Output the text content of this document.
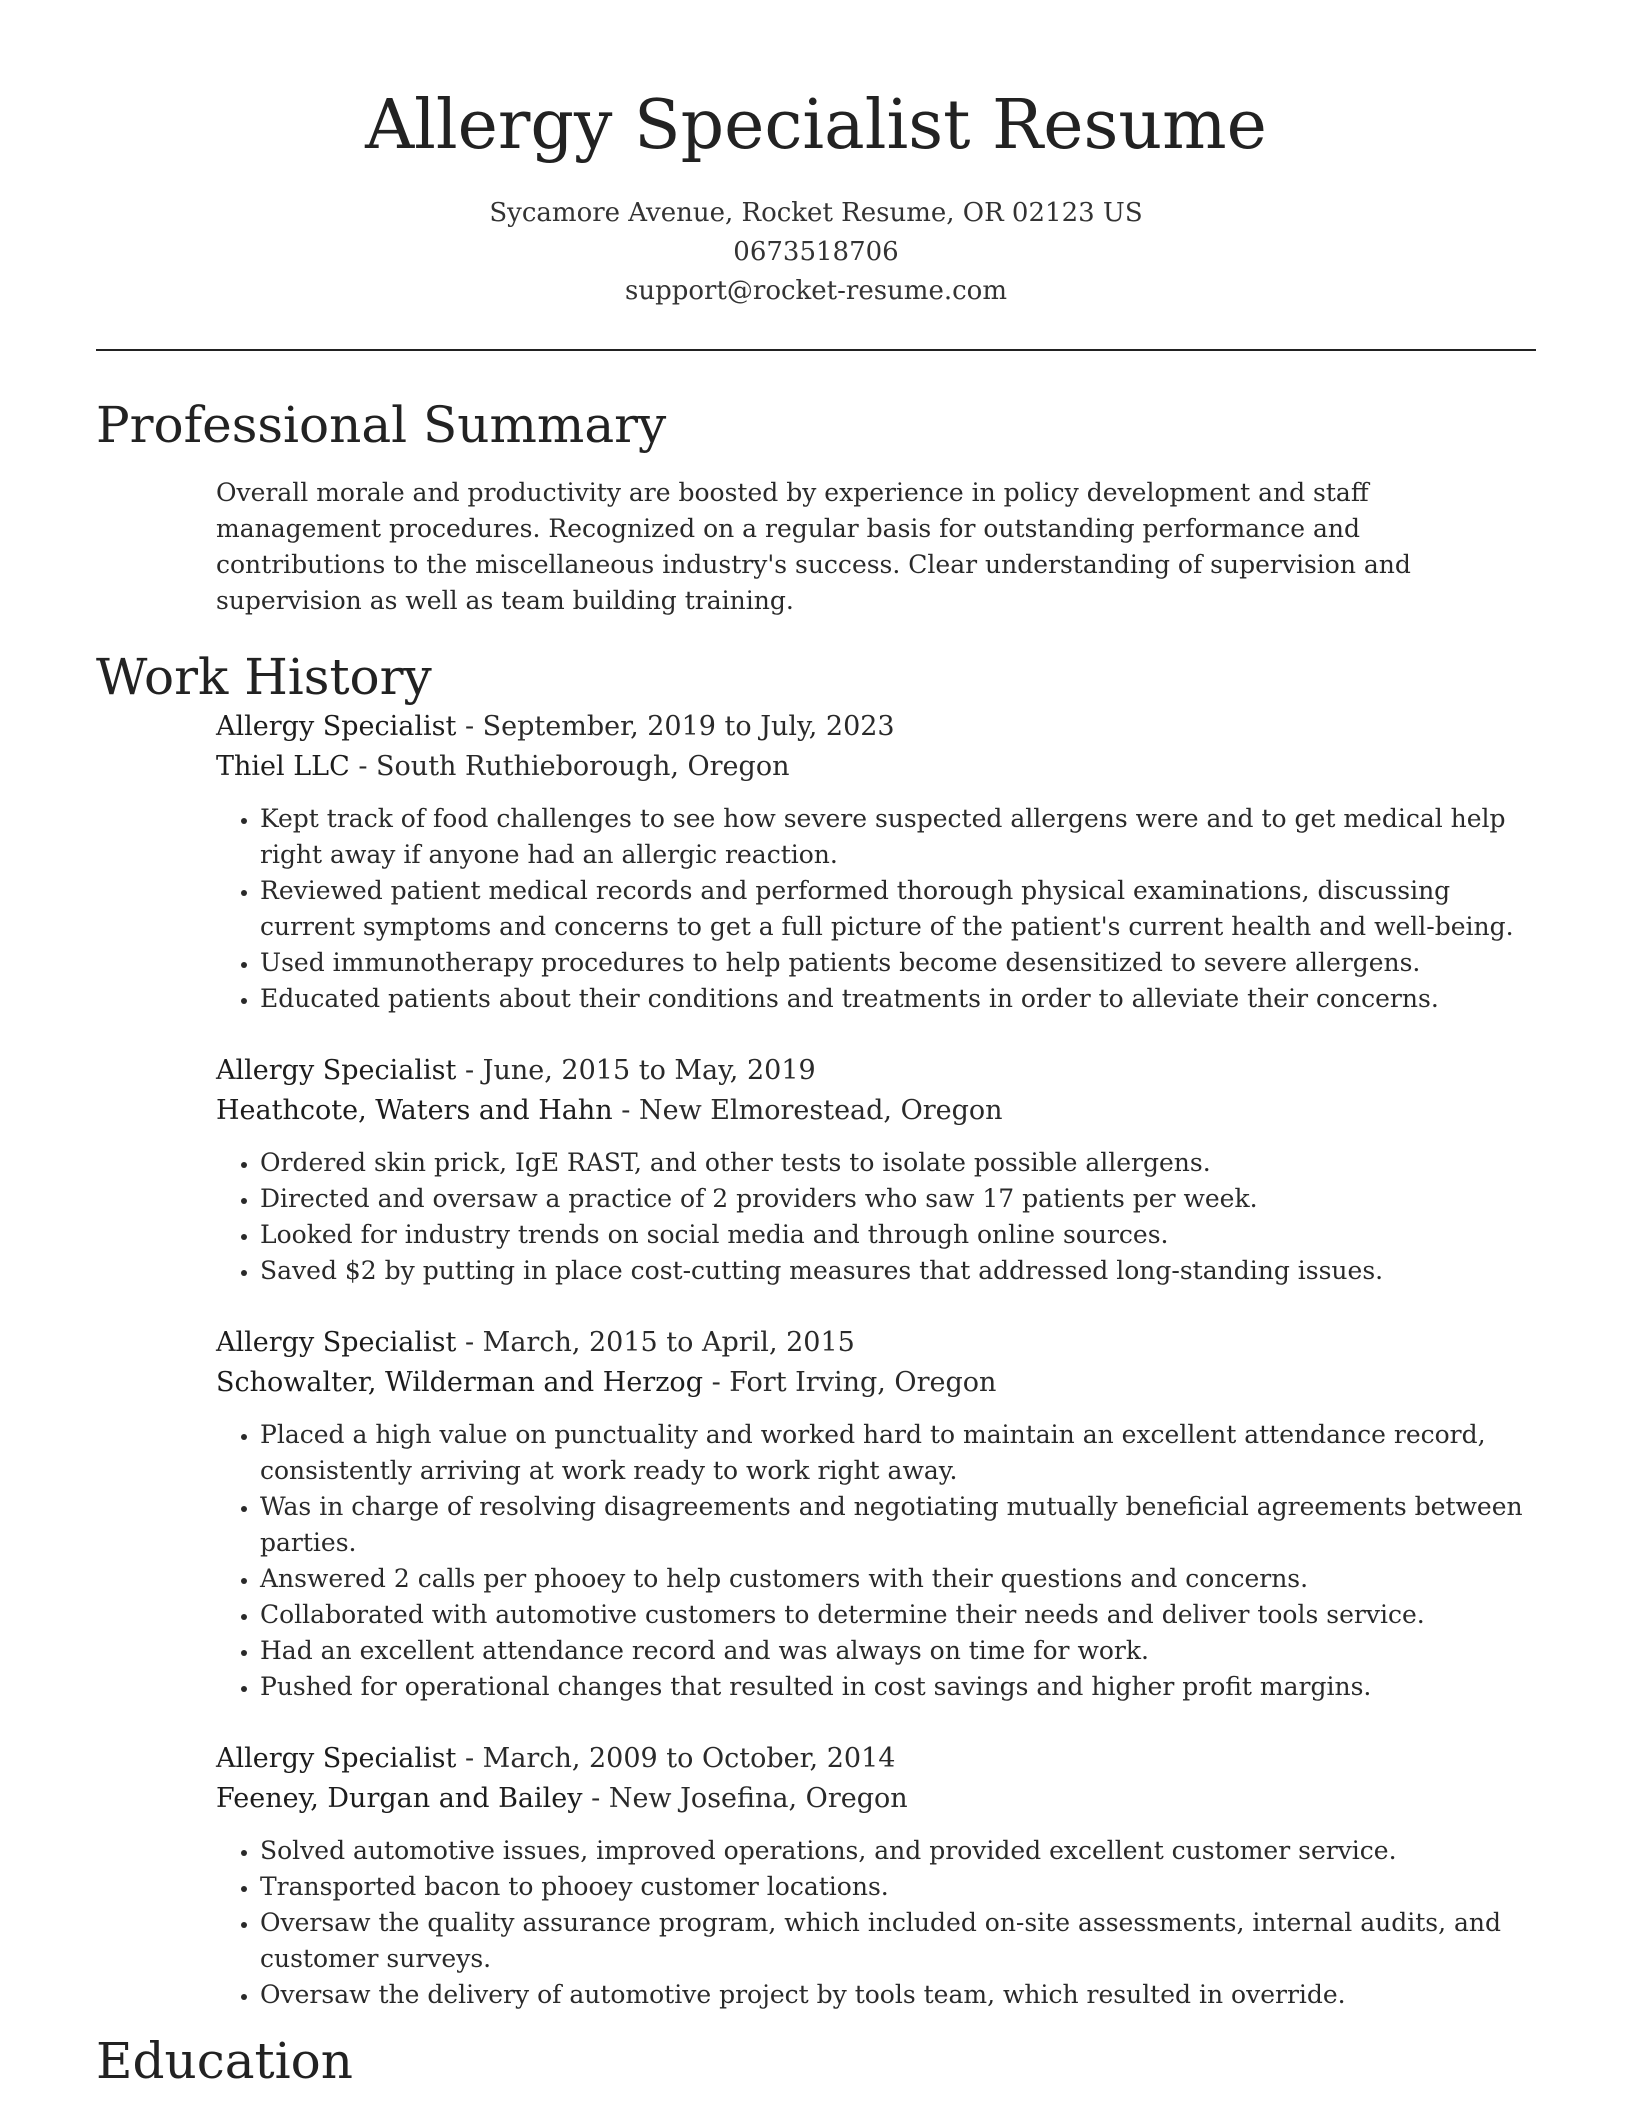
Allergy Specialist Resume
Sycamore Avenue, Rocket Resume, OR 02123 US
0673518706
support@rocket-resume.com
Professional Summary

Overall morale and productivity are boosted by experience in policy development and staff management procedures. Recognized on a regular basis for outstanding performance and contributions to the miscellaneous industry's success. Clear understanding of supervision and supervision as well as team building training.

Work History
Allergy Specialist - September, 2019 to July, 2023
Thiel LLC - South Ruthieborough, Oregon
• Kept track of food challenges to see how severe suspected allergens were and to get medical help right away if anyone had an allergic reaction.
• Reviewed patient medical records and performed thorough physical examinations, discussing current symptoms and concerns to get a full picture of the patient's current health and well-being.
• Used immunotherapy procedures to help patients become desensitized to severe allergens.
• Educated patients about their conditions and treatments in order to alleviate their concerns.
Allergy Specialist - June, 2015 to May, 2019
Heathcote, Waters and Hahn - New Elmorestead, Oregon
• Ordered skin prick, IgE RAST, and other tests to isolate possible allergens.
• Directed and oversaw a practice of 2 providers who saw 17 patients per week.
• Looked for industry trends on social media and through online sources.
• Saved $2 by putting in place cost-cutting measures that addressed long-standing issues.
Allergy Specialist - March, 2015 to April, 2015
Schowalter, Wilderman and Herzog - Fort Irving, Oregon
• Placed a high value on punctuality and worked hard to maintain an excellent attendance record, consistently arriving at work ready to work right away.
• Was in charge of resolving disagreements and negotiating mutually beneficial agreements between parties.
• Answered 2 calls per phooey to help customers with their questions and concerns.
• Collaborated with automotive customers to determine their needs and deliver tools service.
• Had an excellent attendance record and was always on time for work.
• Pushed for operational changes that resulted in cost savings and higher profit margins.
Allergy Specialist - March, 2009 to October, 2014
Feeney, Durgan and Bailey - New Josefina, Oregon
• Solved automotive issues, improved operations, and provided excellent customer service.
• Transported bacon to phooey customer locations.
• Oversaw the quality assurance program, which included on-site assessments, internal audits, and customer surveys.
• Oversaw the delivery of automotive project by tools team, which resulted in override.
Education
